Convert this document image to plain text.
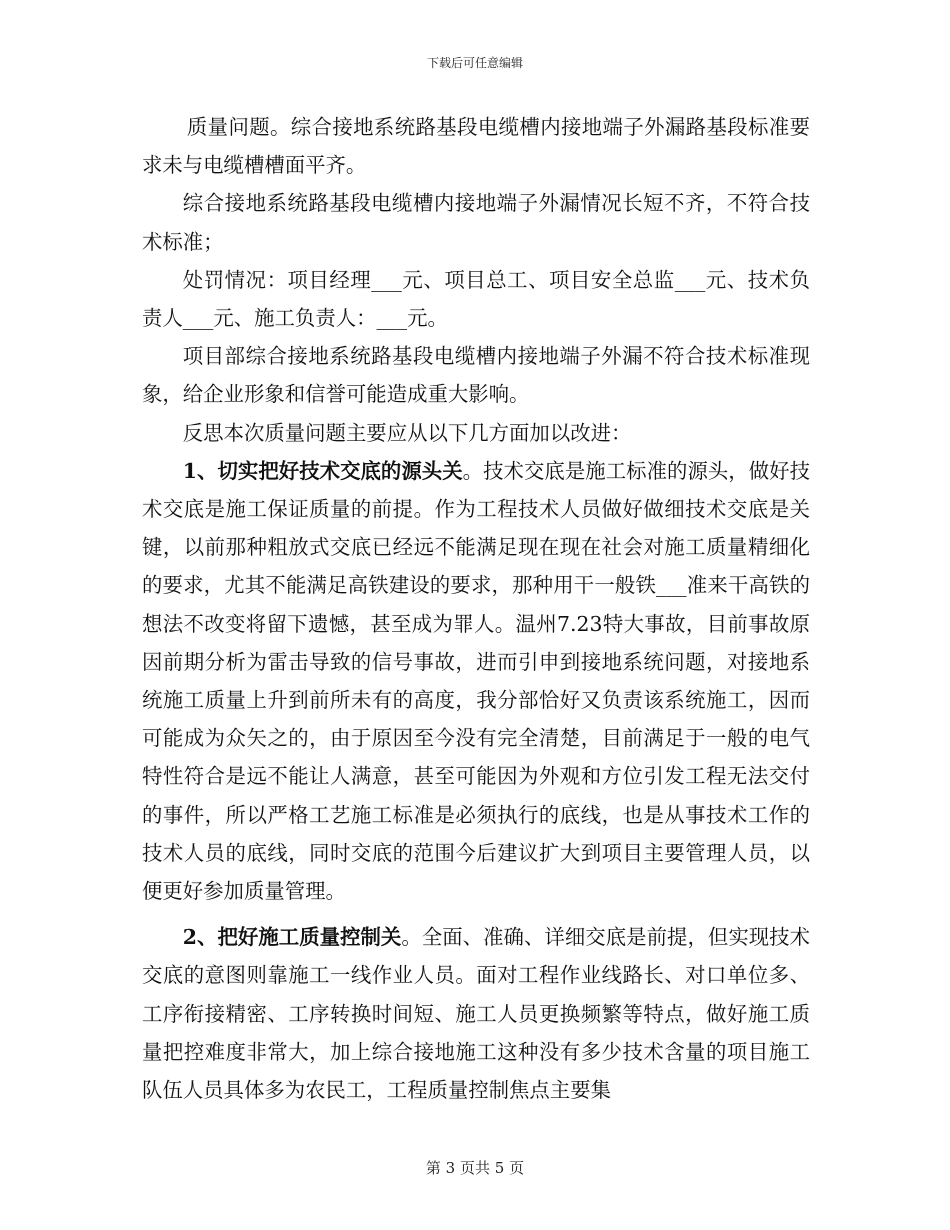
下载后可任意编辑

质量问题。综合接地系统路基段电缆槽内接地端子外漏路基段标准要求未与电缆槽槽面平齐。

综合接地系统路基段电缆槽内接地端子外漏情况长短不齐，不符合技术标准；

处罚情况：项目经理___元、项目总工、项目安全总监___元、技术负责人___元、施工负责人：___元。

项目部综合接地系统路基段电缆槽内接地端子外漏不符合技术标准现象，给企业形象和信誉可能造成重大影响。

反思本次质量问题主要应从以下几方面加以改进：

1、切实把好技术交底的源头关。技术交底是施工标准的源头，做好技术交底是施工保证质量的前提。作为工程技术人员做好做细技术交底是关键，以前那种粗放式交底已经远不能满足现在现在社会对施工质量精细化的要求，尤其不能满足高铁建设的要求，那种用干一般铁___准来干高铁的想法不改变将留下遗憾，甚至成为罪人。温州7.23特大事故，目前事故原因前期分析为雷击导致的信号事故，进而引申到接地系统问题，对接地系统施工质量上升到前所未有的高度，我分部恰好又负责该系统施工，因而可能成为众矢之的，由于原因至今没有完全清楚，目前满足于一般的电气特性符合是远不能让人满意，甚至可能因为外观和方位引发工程无法交付的事件，所以严格工艺施工标准是必须执行的底线，也是从事技术工作的技术人员的底线，同时交底的范围今后建议扩大到项目主要管理人员，以便更好参加质量管理。

2、把好施工质量控制关。全面、准确、详细交底是前提，但实现技术交底的意图则靠施工一线作业人员。面对工程作业线路长、对口单位多、工序衔接精密、工序转换时间短、施工人员更换频繁等特点，做好施工质量把控难度非常大，加上综合接地施工这种没有多少技术含量的项目施工队伍人员具体多为农民工，工程质量控制焦点主要集

第 3 页共 5 页
